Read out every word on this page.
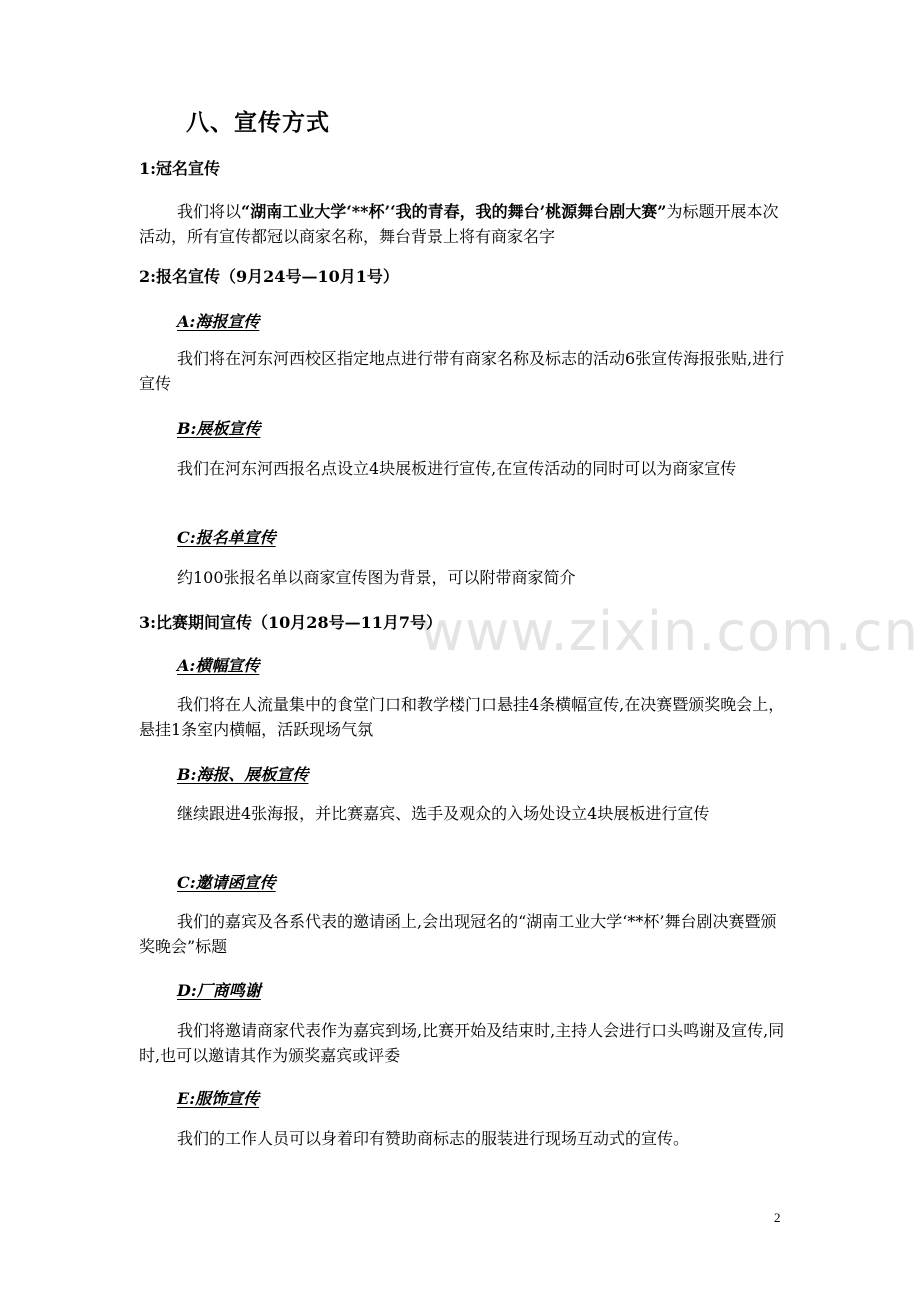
www.zixin.com.cn
八、宣传方式
1:冠名宣传
我们将以“湖南工业大学‘**杯’‘我的青春，我的舞台’桃源舞台剧大赛”为标题开展本次活动，所有宣传都冠以商家名称，舞台背景上将有商家名字
2:报名宣传（9月24号—10月1号）
A:海报宣传
我们将在河东河西校区指定地点进行带有商家名称及标志的活动6张宣传海报张贴,进行宣传
B:展板宣传
我们在河东河西报名点设立4块展板进行宣传,在宣传活动的同时可以为商家宣传
C:报名单宣传
约100张报名单以商家宣传图为背景，可以附带商家简介
3:比赛期间宣传（10月28号—11月7号）
A:横幅宣传
我们将在人流量集中的食堂门口和教学楼门口悬挂4条横幅宣传,在决赛暨颁奖晚会上，悬挂1条室内横幅，活跃现场气氛
B:海报、展板宣传
继续跟进4张海报，并比赛嘉宾、选手及观众的入场处设立4块展板进行宣传
C:邀请函宣传
我们的嘉宾及各系代表的邀请函上,会出现冠名的“湖南工业大学‘**杯’舞台剧决赛暨颁奖晚会”标题
D:厂商鸣谢
我们将邀请商家代表作为嘉宾到场,比赛开始及结束时,主持人会进行口头鸣谢及宣传,同时,也可以邀请其作为颁奖嘉宾或评委
E:服饰宣传
我们的工作人员可以身着印有赞助商标志的服装进行现场互动式的宣传。
2
